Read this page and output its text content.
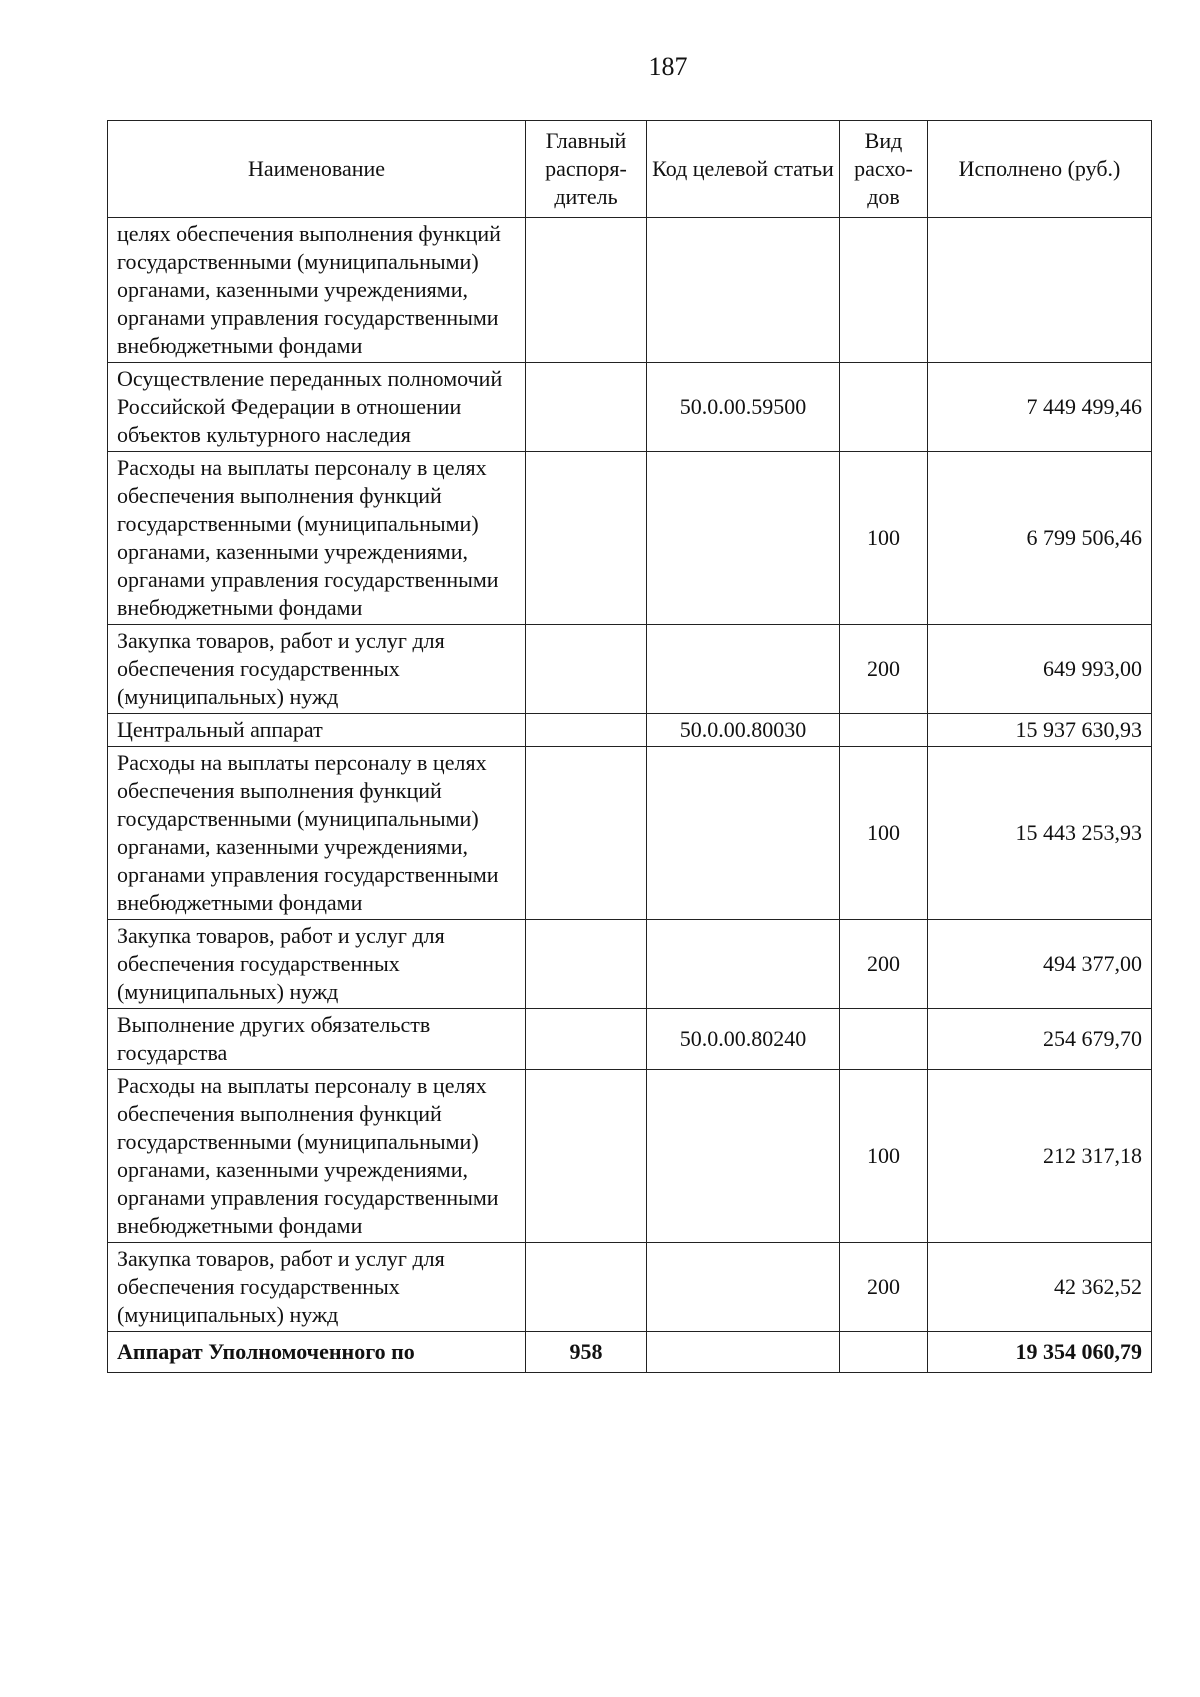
187
Наименование	Главный распоря-дитель	Код целевой статьи	Вид расхо-дов	Исполнено (руб.)
целях обеспечения выполнения функций государственными (муниципальными) органами, казенными учреждениями, органами управления государственными внебюджетными фондами				
Осуществление переданных полномочий Российской Федерации в отношении объектов культурного наследия		50.0.00.59500		7 449 499,46
Расходы на выплаты персоналу в целях обеспечения выполнения функций государственными (муниципальными) органами, казенными учреждениями, органами управления государственными внебюджетными фондами			100	6 799 506,46
Закупка товаров, работ и услуг для обеспечения государственных (муниципальных) нужд			200	649 993,00
Центральный аппарат		50.0.00.80030		15 937 630,93
Расходы на выплаты персоналу в целях обеспечения выполнения функций государственными (муниципальными) органами, казенными учреждениями, органами управления государственными внебюджетными фондами			100	15 443 253,93
Закупка товаров, работ и услуг для обеспечения государственных (муниципальных) нужд			200	494 377,00
Выполнение других обязательств государства		50.0.00.80240		254 679,70
Расходы на выплаты персоналу в целях обеспечения выполнения функций государственными (муниципальными) органами, казенными учреждениями, органами управления государственными внебюджетными фондами			100	212 317,18
Закупка товаров, работ и услуг для обеспечения государственных (муниципальных) нужд			200	42 362,52
Аппарат Уполномоченного по	958			19 354 060,79
